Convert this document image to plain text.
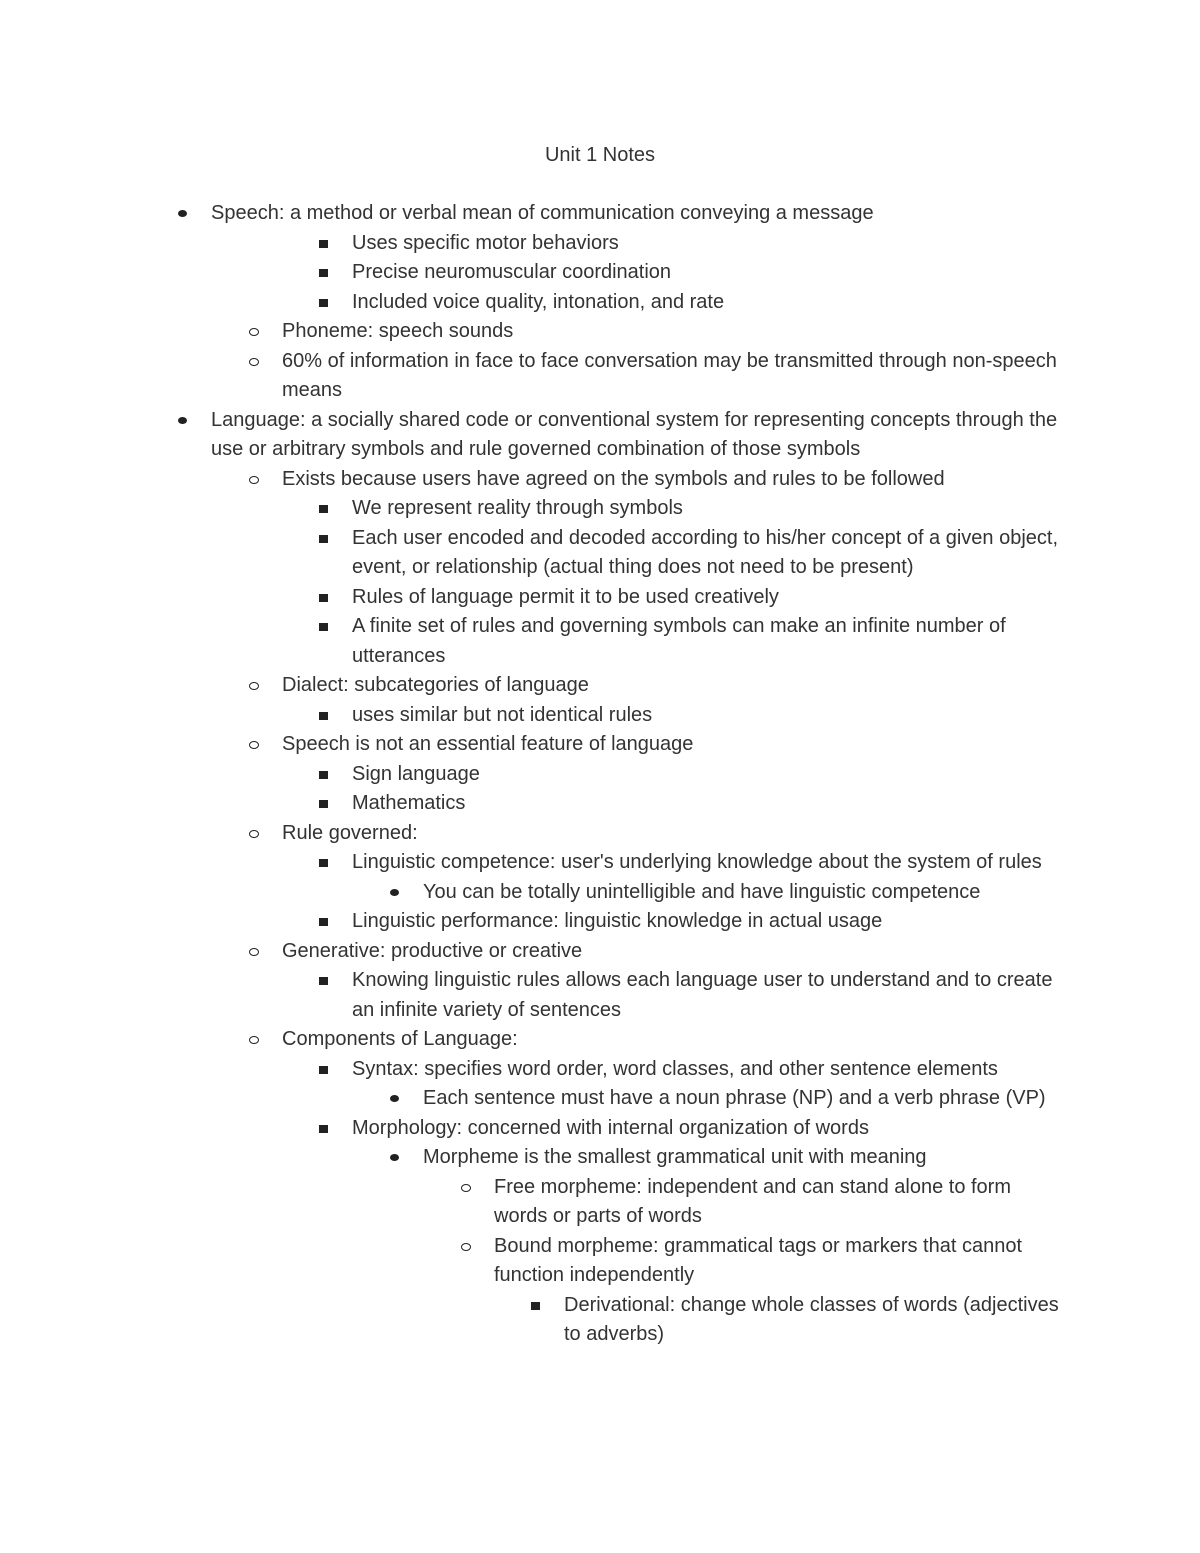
Unit 1 Notes
Speech: a method or verbal mean of communication conveying a message
Uses specific motor behaviors
Precise neuromuscular coordination
Included voice quality, intonation, and rate
Phoneme: speech sounds
60% of information in face to face conversation may be transmitted through non-speech means
Language: a socially shared code or conventional system for representing concepts through the use or arbitrary symbols and rule governed combination of those symbols
Exists because users have agreed on the symbols and rules to be followed
We represent reality through symbols
Each user encoded and decoded according to his/her concept of a given object, event, or relationship (actual thing does not need to be present)
Rules of language permit it to be used creatively
A finite set of rules and governing symbols can make an infinite number of utterances
Dialect: subcategories of language
uses similar but not identical rules
Speech is not an essential feature of language
Sign language
Mathematics
Rule governed:
Linguistic competence: user's underlying knowledge about the system of rules
You can be totally unintelligible and have linguistic competence
Linguistic performance: linguistic knowledge in actual usage
Generative: productive or creative
Knowing linguistic rules allows each language user to understand and to create an infinite variety of sentences
Components of Language:
Syntax: specifies word order, word classes, and other sentence elements
Each sentence must have a noun phrase (NP) and a verb phrase (VP)
Morphology: concerned with internal organization of words
Morpheme is the smallest grammatical unit with meaning
Free morpheme: independent and can stand alone to form words or parts of words
Bound morpheme: grammatical tags or markers that cannot function independently
Derivational: change whole classes of words (adjectives to adverbs)
